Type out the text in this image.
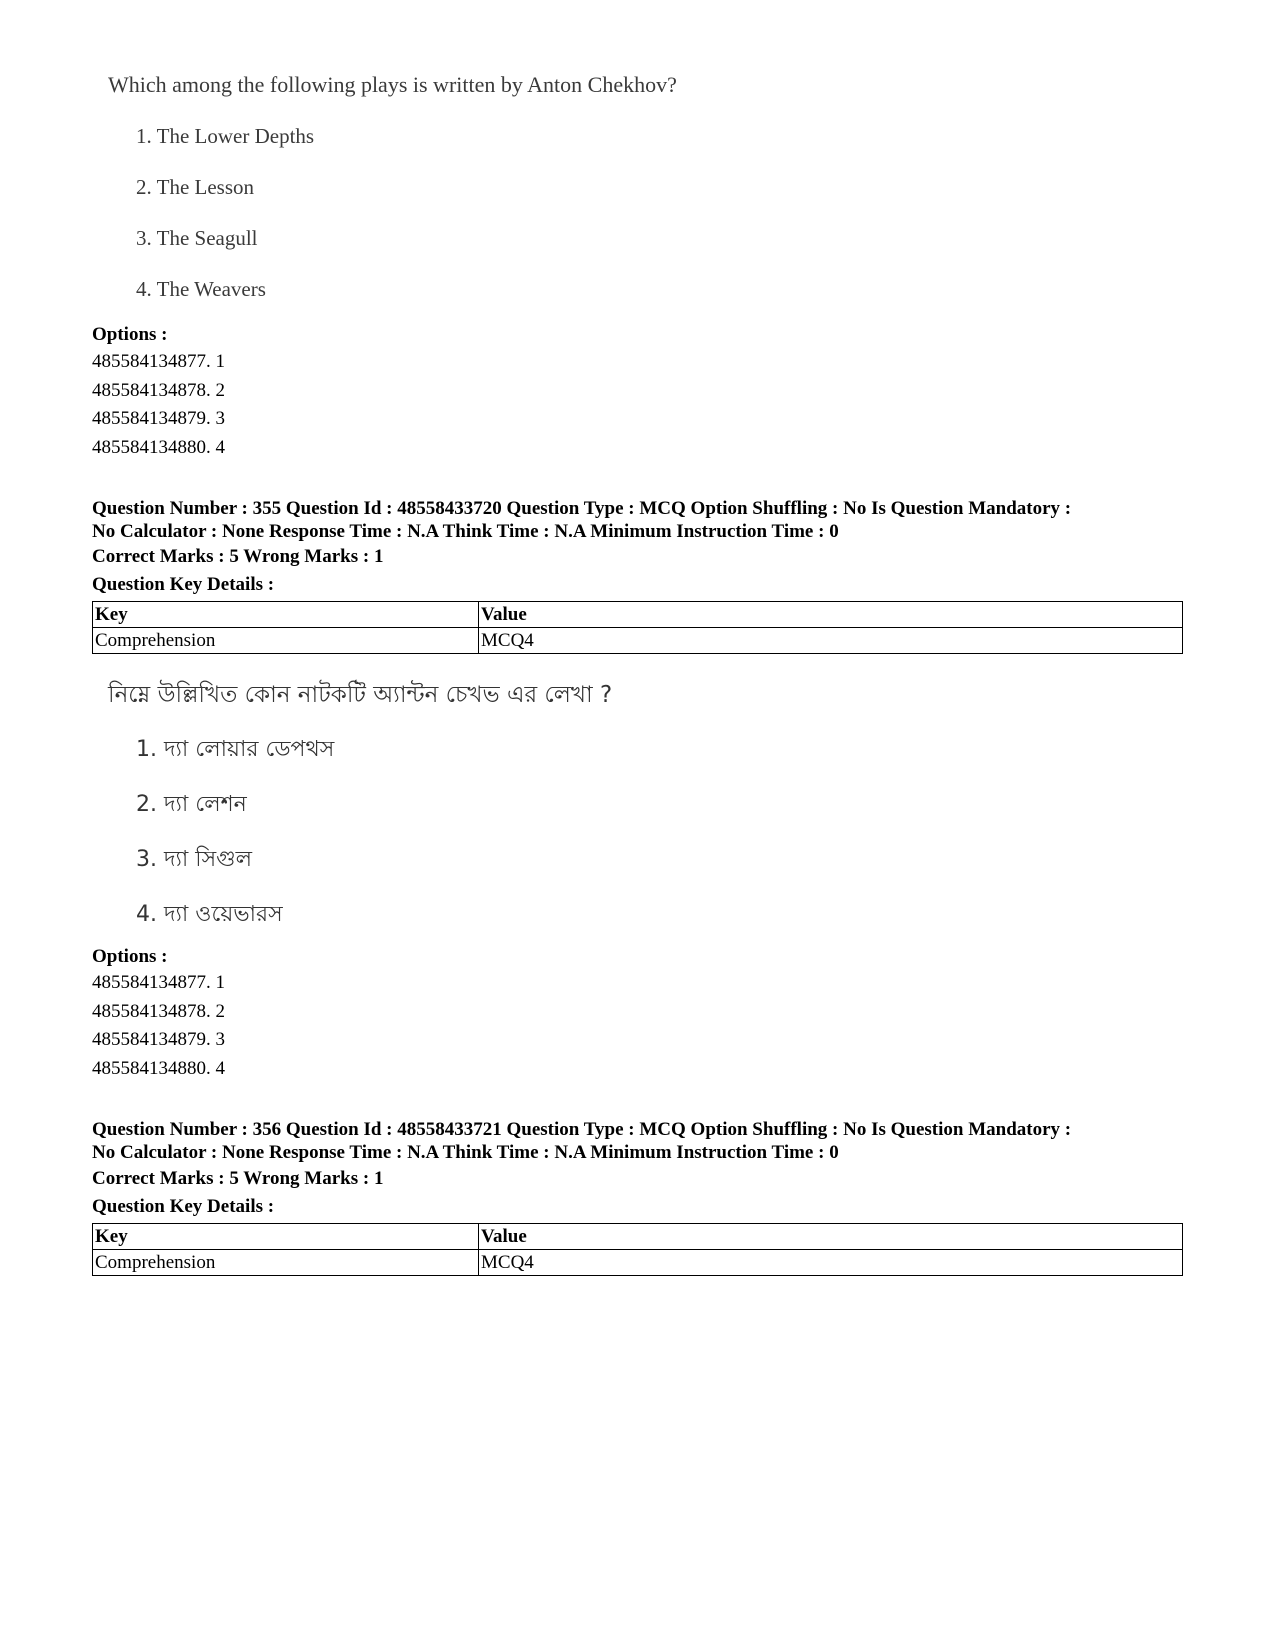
Which among the following plays is written by Anton Chekhov?
1. The Lower Depths
2. The Lesson
3. The Seagull
4. The Weavers
Options :
485584134877. 1
485584134878. 2
485584134879. 3
485584134880. 4
Question Number : 355 Question Id : 48558433720 Question Type : MCQ Option Shuffling : No Is Question Mandatory :
No Calculator : None Response Time : N.A Think Time : N.A Minimum Instruction Time : 0
Correct Marks : 5 Wrong Marks : 1
Question Key Details :
Key	Value
Comprehension	MCQ4
নিম্নে উল্লিখিত কোন নাটকটি অ্যান্টন চেখভ এর লেখা ?
1. দ্যা লোয়ার ডেপথস
2. দ্যা লেশন
3. দ্যা সিগুল
4. দ্যা ওয়েভারস
Options :
485584134877. 1
485584134878. 2
485584134879. 3
485584134880. 4
Question Number : 356 Question Id : 48558433721 Question Type : MCQ Option Shuffling : No Is Question Mandatory :
No Calculator : None Response Time : N.A Think Time : N.A Minimum Instruction Time : 0
Correct Marks : 5 Wrong Marks : 1
Question Key Details :
Key	Value
Comprehension	MCQ4
